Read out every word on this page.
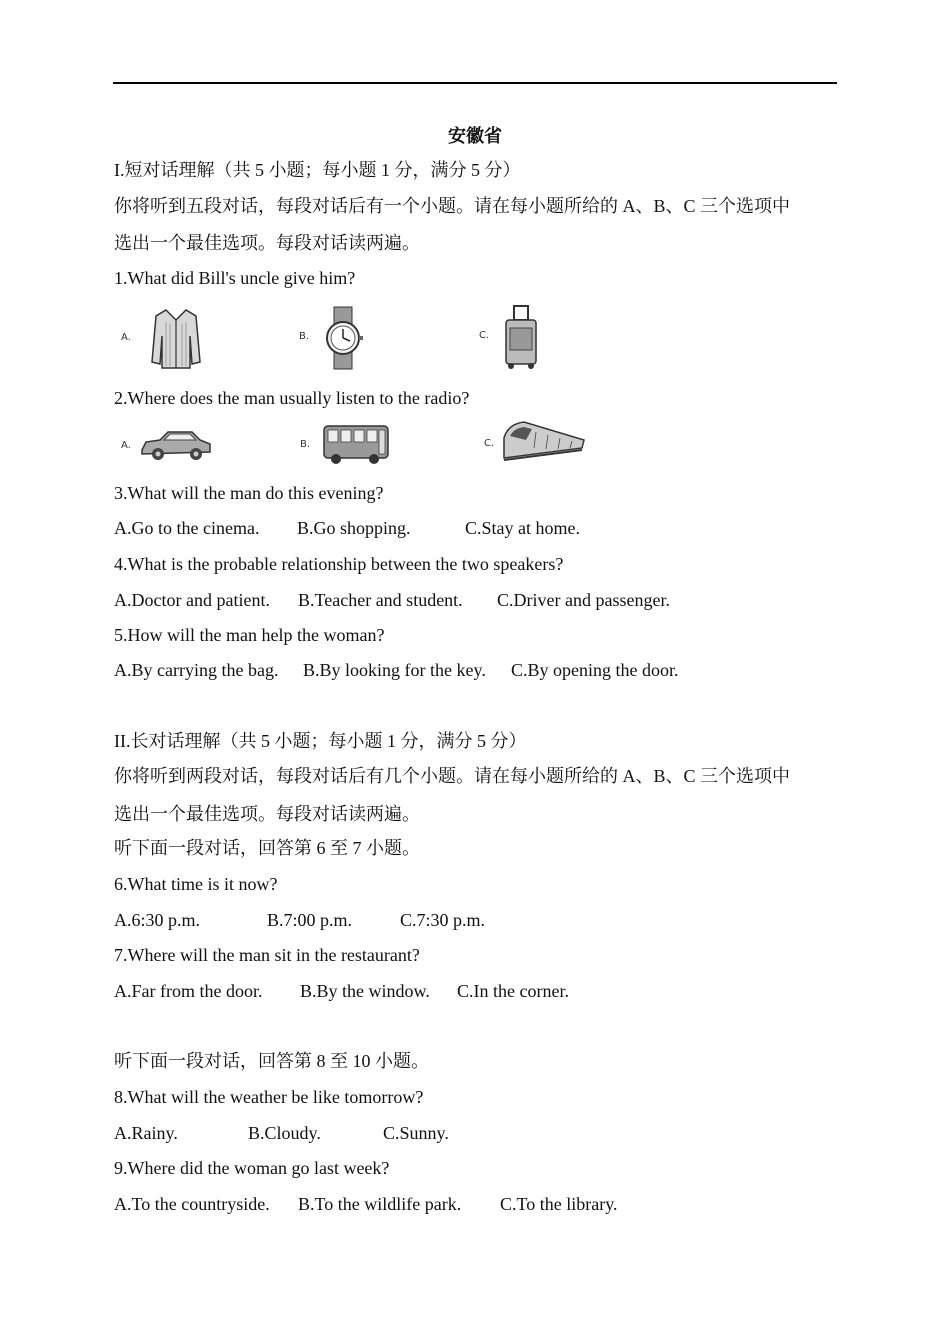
安徽省
I.短对话理解（共 5 小题；每小题 1 分，满分 5 分）
你将听到五段对话，每段对话后有一个小题。请在每小题所给的 A、B、C 三个选项中
选出一个最佳选项。每段对话读两遍。
1.What did Bill's uncle give him?
A.	B.	C.
2.Where does the man usually listen to the radio?
A.	B.	C.
3.What will the man do this evening?
A.Go to the cinema. B.Go shopping.	C.Stay at home.
4.What is the probable relationship between the two speakers?
A.Doctor and patient. B.Teacher and student. C.Driver and passenger.
5.How will the man help the woman?
A.By carrying the bag. B.By looking for the key. C.By opening the door.
II.长对话理解（共 5 小题；每小题 1 分，满分 5 分）
你将听到两段对话，每段对话后有几个小题。请在每小题所给的 A、B、C 三个选项中
选出一个最佳选项。每段对话读两遍。
听下面一段对话，回答第 6 至 7 小题。
6.What time is it now?
A.6:30 p.m.	B.7:00 p.m.	C.7:30 p.m.
7.Where will the man sit in the restaurant?
A.Far from the door. B.By the window. C.In the corner.
听下面一段对话，回答第 8 至 10 小题。
8.What will the weather be like tomorrow?
A.Rainy.	B.Cloudy.	C.Sunny.
9.Where did the woman go last week?
A.To the countryside. B.To the wildlife park. C.To the library.
